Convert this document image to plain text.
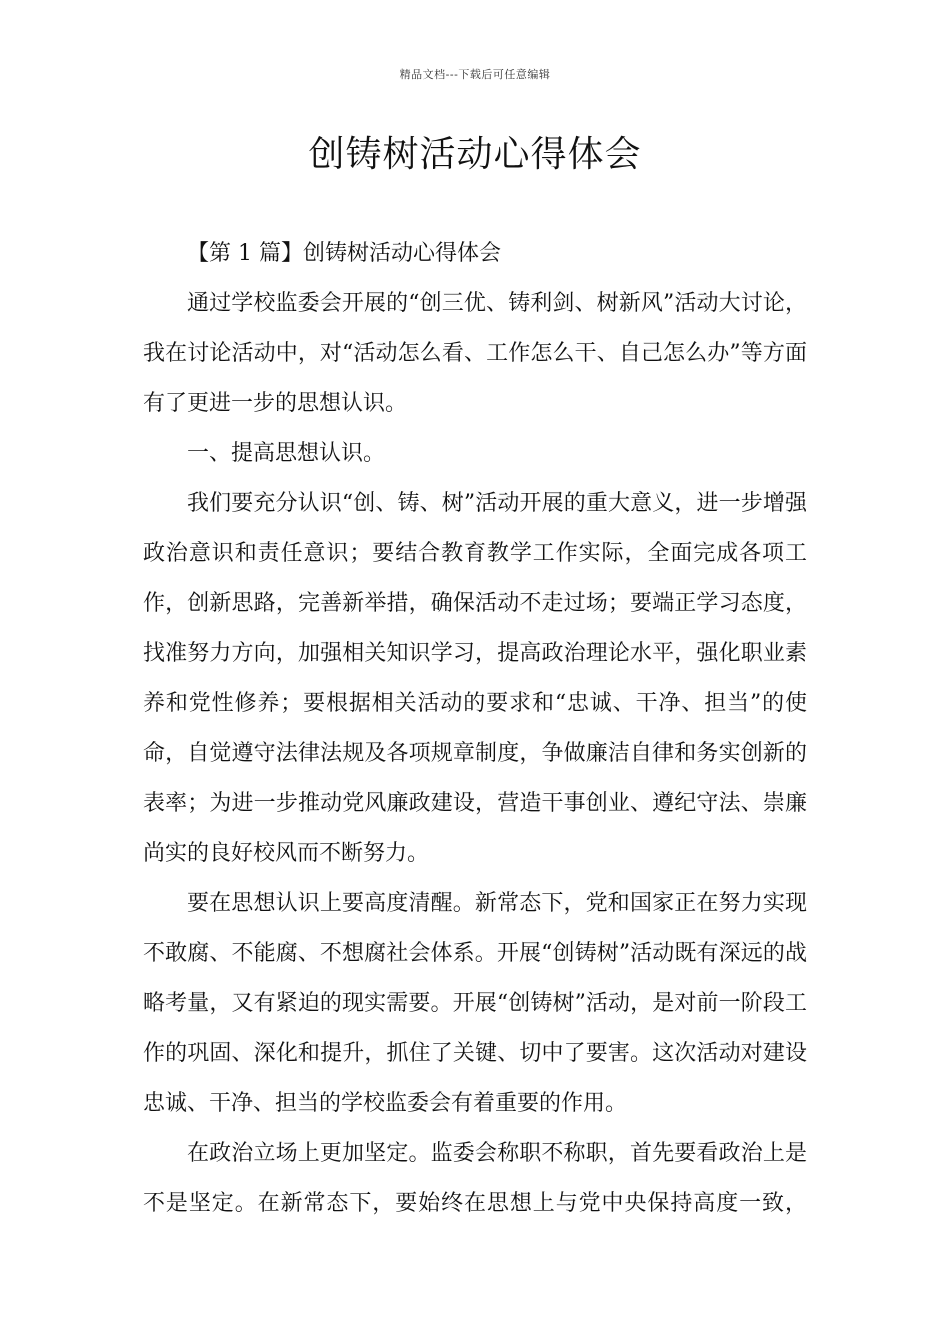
精品文档---下载后可任意编辑
创铸树活动心得体会

【第 1 篇】创铸树活动心得体会

通过学校监委会开展的“创三优、铸利剑、树新风”活动大讨论，我在讨论活动中，对“活动怎么看、工作怎么干、自己怎么办”等方面有了更进一步的思想认识。

一、提高思想认识。

我们要充分认识“创、铸、树”活动开展的重大意义，进一步增强政治意识和责任意识；要结合教育教学工作实际，全面完成各项工作，创新思路，完善新举措，确保活动不走过场；要端正学习态度，找准努力方向，加强相关知识学习，提高政治理论水平，强化职业素养和党性修养；要根据相关活动的要求和“忠诚、干净、担当”的使命，自觉遵守法律法规及各项规章制度，争做廉洁自律和务实创新的表率；为进一步推动党风廉政建设，营造干事创业、遵纪守法、崇廉尚实的良好校风而不断努力。

要在思想认识上要高度清醒。新常态下，党和国家正在努力实现不敢腐、不能腐、不想腐社会体系。开展“创铸树”活动既有深远的战略考量，又有紧迫的现实需要。开展“创铸树”活动，是对前一阶段工作的巩固、深化和提升，抓住了关键、切中了要害。这次活动对建设忠诚、干净、担当的学校监委会有着重要的作用。

在政治立场上更加坚定。监委会称职不称职，首先要看政治上是不是坚定。在新常态下，要始终在思想上与党中央保持高度一致，
